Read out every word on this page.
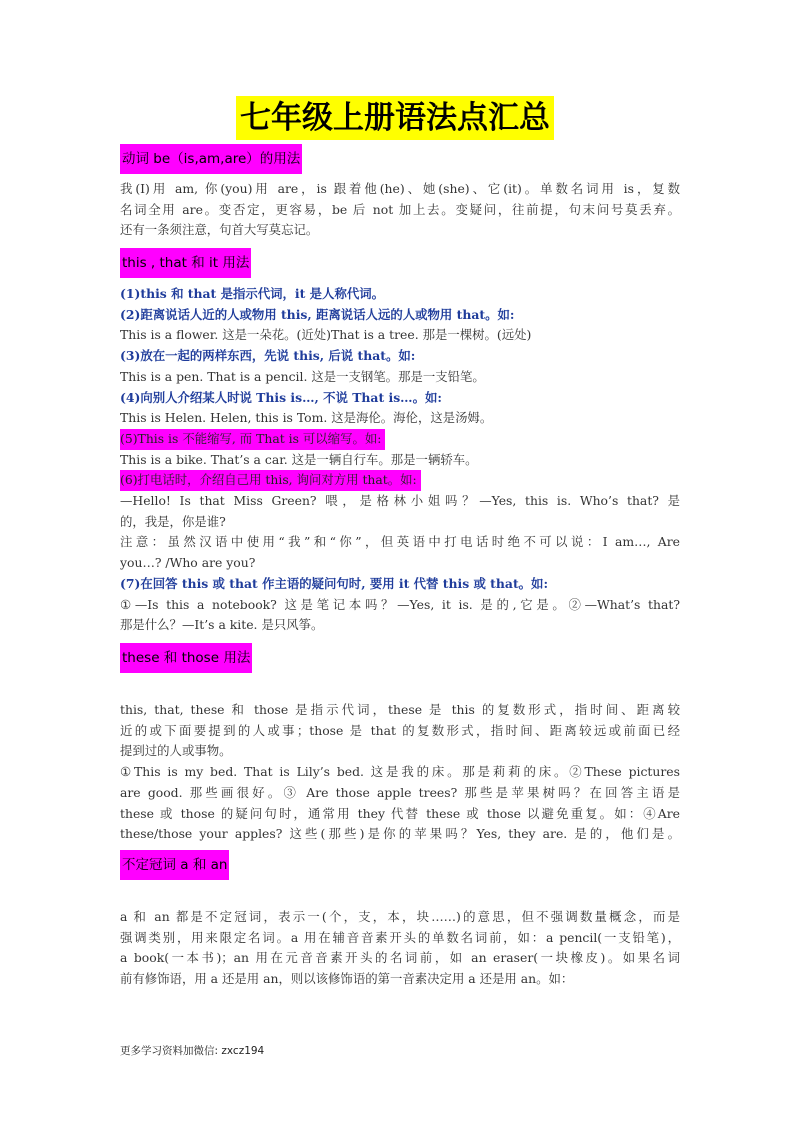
七年级上册语法点汇总
动词 be（is,am,are）的用法

我(I)用 am, 你(you)用 are，is 跟着他(he)、她(she)、它(it)。单数名词用 is，复数

名词全用 are。变否定，更容易，be 后 not 加上去。变疑问，往前提，句末问号莫丢弃。

还有一条须注意，句首大写莫忘记。

this , that 和 it 用法

(1)this 和 that 是指示代词，it 是人称代词。

(2)距离说话人近的人或物用 this, 距离说话人远的人或物用 that。如:

This is a flower. 这是一朵花。(近处)That is a tree. 那是一棵树。(远处)

(3)放在一起的两样东西，先说 this, 后说 that。如:

This is a pen. That is a pencil. 这是一支钢笔。那是一支铅笔。

(4)向别人介绍某人时说 This is…, 不说 That is…。如:

This is Helen. Helen, this is Tom. 这是海伦。海伦，这是汤姆。

(5)This is 不能缩写, 而 That is 可以缩写。如:

This is a bike. That’s a car. 这是一辆自行车。那是一辆轿车。

(6)打电话时，介绍自己用 this, 询问对方用 that。如:

—Hello! Is that Miss Green? 喂，是格林小姐吗？—Yes, this is. Who’s that? 是

的，我是，你是谁?

注意：虽然汉语中使用“我”和“你”，但英语中打电话时绝不可以说：I am…, Are

you…? /Who are you?

(7)在回答 this 或 that 作主语的疑问句时, 要用 it 代替 this 或 that。如:

①—Is this a notebook? 这是笔记本吗？—Yes, it is. 是的,它是。②—What’s that?

那是什么？—It’s a kite. 是只风筝。

these 和 those 用法

this, that, these 和 those 是指示代词，these 是 this 的复数形式，指时间、距离较

近的或下面要提到的人或事；those 是 that 的复数形式，指时间、距离较远或前面已经

提到过的人或事物。

①This is my bed. That is Lily’s bed. 这是我的床。那是莉莉的床。②These pictures

are good. 那些画很好。③ Are those apple trees? 那些是苹果树吗？在回答主语是

these 或 those 的疑问句时，通常用 they 代替 these 或 those 以避免重复。如：④Are

these/those your apples? 这些(那些)是你的苹果吗？Yes, they are. 是的，他们是。

不定冠词 a 和 an

a 和 an 都是不定冠词，表示一(个，支，本，块……)的意思，但不强调数量概念，而是

强调类别，用来限定名词。a 用在辅音音素开头的单数名词前，如：a pencil(一支铅笔)，

a book(一本书)；an 用在元音音素开头的名词前，如 an eraser(一块橡皮)。如果名词

前有修饰语，用 a 还是用 an，则以该修饰语的第一音素决定用 a 还是用 an。如：

更多学习资料加微信: zxcz194
